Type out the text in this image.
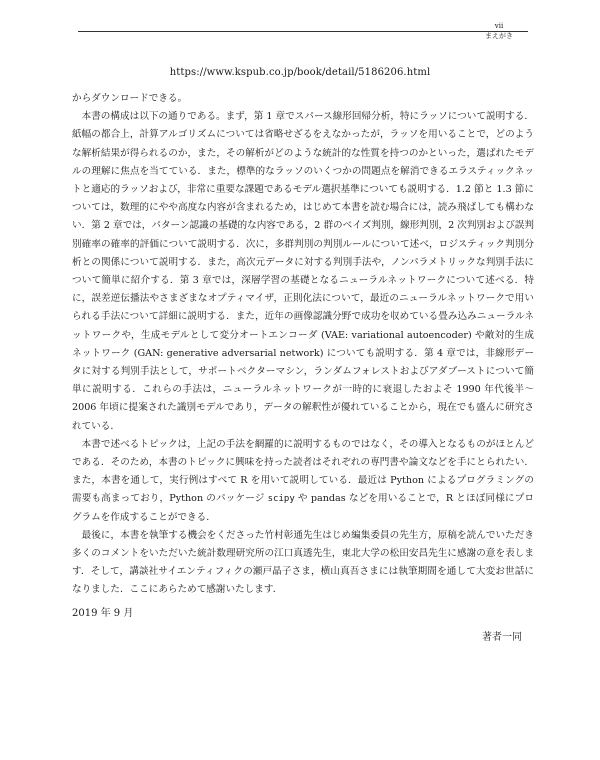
vii
まえがき
https://www.kspub.co.jp/book/detail/5186206.html

からダウンロードできる。

本書の構成は以下の通りである。まず，第 1 章でスパース線形回帰分析，特にラッソについて説明する．紙幅の都合上，計算アルゴリズムについては省略せざるをえなかったが，ラッソを用いることで，どのような解析結果が得られるのか，また，その解析がどのような統計的な性質を持つのかといった，選ばれたモデルの理解に焦点を当てている．また，標準的なラッソのいくつかの問題点を解消できるエラスティックネットと適応的ラッソおよび，非常に重要な課題であるモデル選択基準についても説明する．1.2 節と 1.3 節については，数理的にやや高度な内容が含まれるため，はじめて本書を読む場合には，読み飛ばしても構わない．第 2 章では，パターン認識の基礎的な内容である，2 群のベイズ判別，線形判別，2 次判別および誤判別確率の確率的評価について説明する．次に，多群判別の判別ルールについて述べ，ロジスティック判別分析との関係について説明する．また，高次元データに対する判別手法や，ノンパラメトリックな判別手法について簡単に紹介する．第 3 章では，深層学習の基礎となるニューラルネットワークについて述べる．特に，誤差逆伝播法やさまざまなオプティマイザ，正則化法について，最近のニューラルネットワークで用いられる手法について詳細に説明する．また，近年の画像認識分野で成功を収めている畳み込みニューラルネットワークや，生成モデルとして変分オートエンコーダ (VAE: variational autoencoder) や敵対的生成ネットワーク (GAN: generative adversarial network) についても説明する．第 4 章では，非線形データに対する判別手法として，サポートベクターマシン，ランダムフォレストおよびアダブーストについて簡単に説明する．これらの手法は，ニューラルネットワークが一時的に衰退したおよそ 1990 年代後半〜2006 年頃に提案された識別モデルであり，データの解釈性が優れていることから，現在でも盛んに研究されている．

本書で述べるトピックは，上記の手法を網羅的に説明するものではなく，その導入となるものがほとんどである．そのため，本書のトピックに興味を持った読者はそれぞれの専門書や論文などを手にとられたい．また，本書を通して，実行例はすべて R を用いて説明している．最近は Python によるプログラミングの需要も高まっており，Python のパッケージ scipy や pandas などを用いることで，R とほぼ同様にプログラムを作成することができる．

最後に，本書を執筆する機会をくださった竹村彰通先生はじめ編集委員の先生方，原稿を読んでいただき多くのコメントをいただいた統計数理研究所の江口真透先生，東北大学の松田安昌先生に感謝の意を表します．そして，講談社サイエンティフィクの瀬戸晶子さま，横山真吾さまには執筆期間を通して大変お世話になりました．ここにあらためて感謝いたします．

2019 年 9 月
著者一同
